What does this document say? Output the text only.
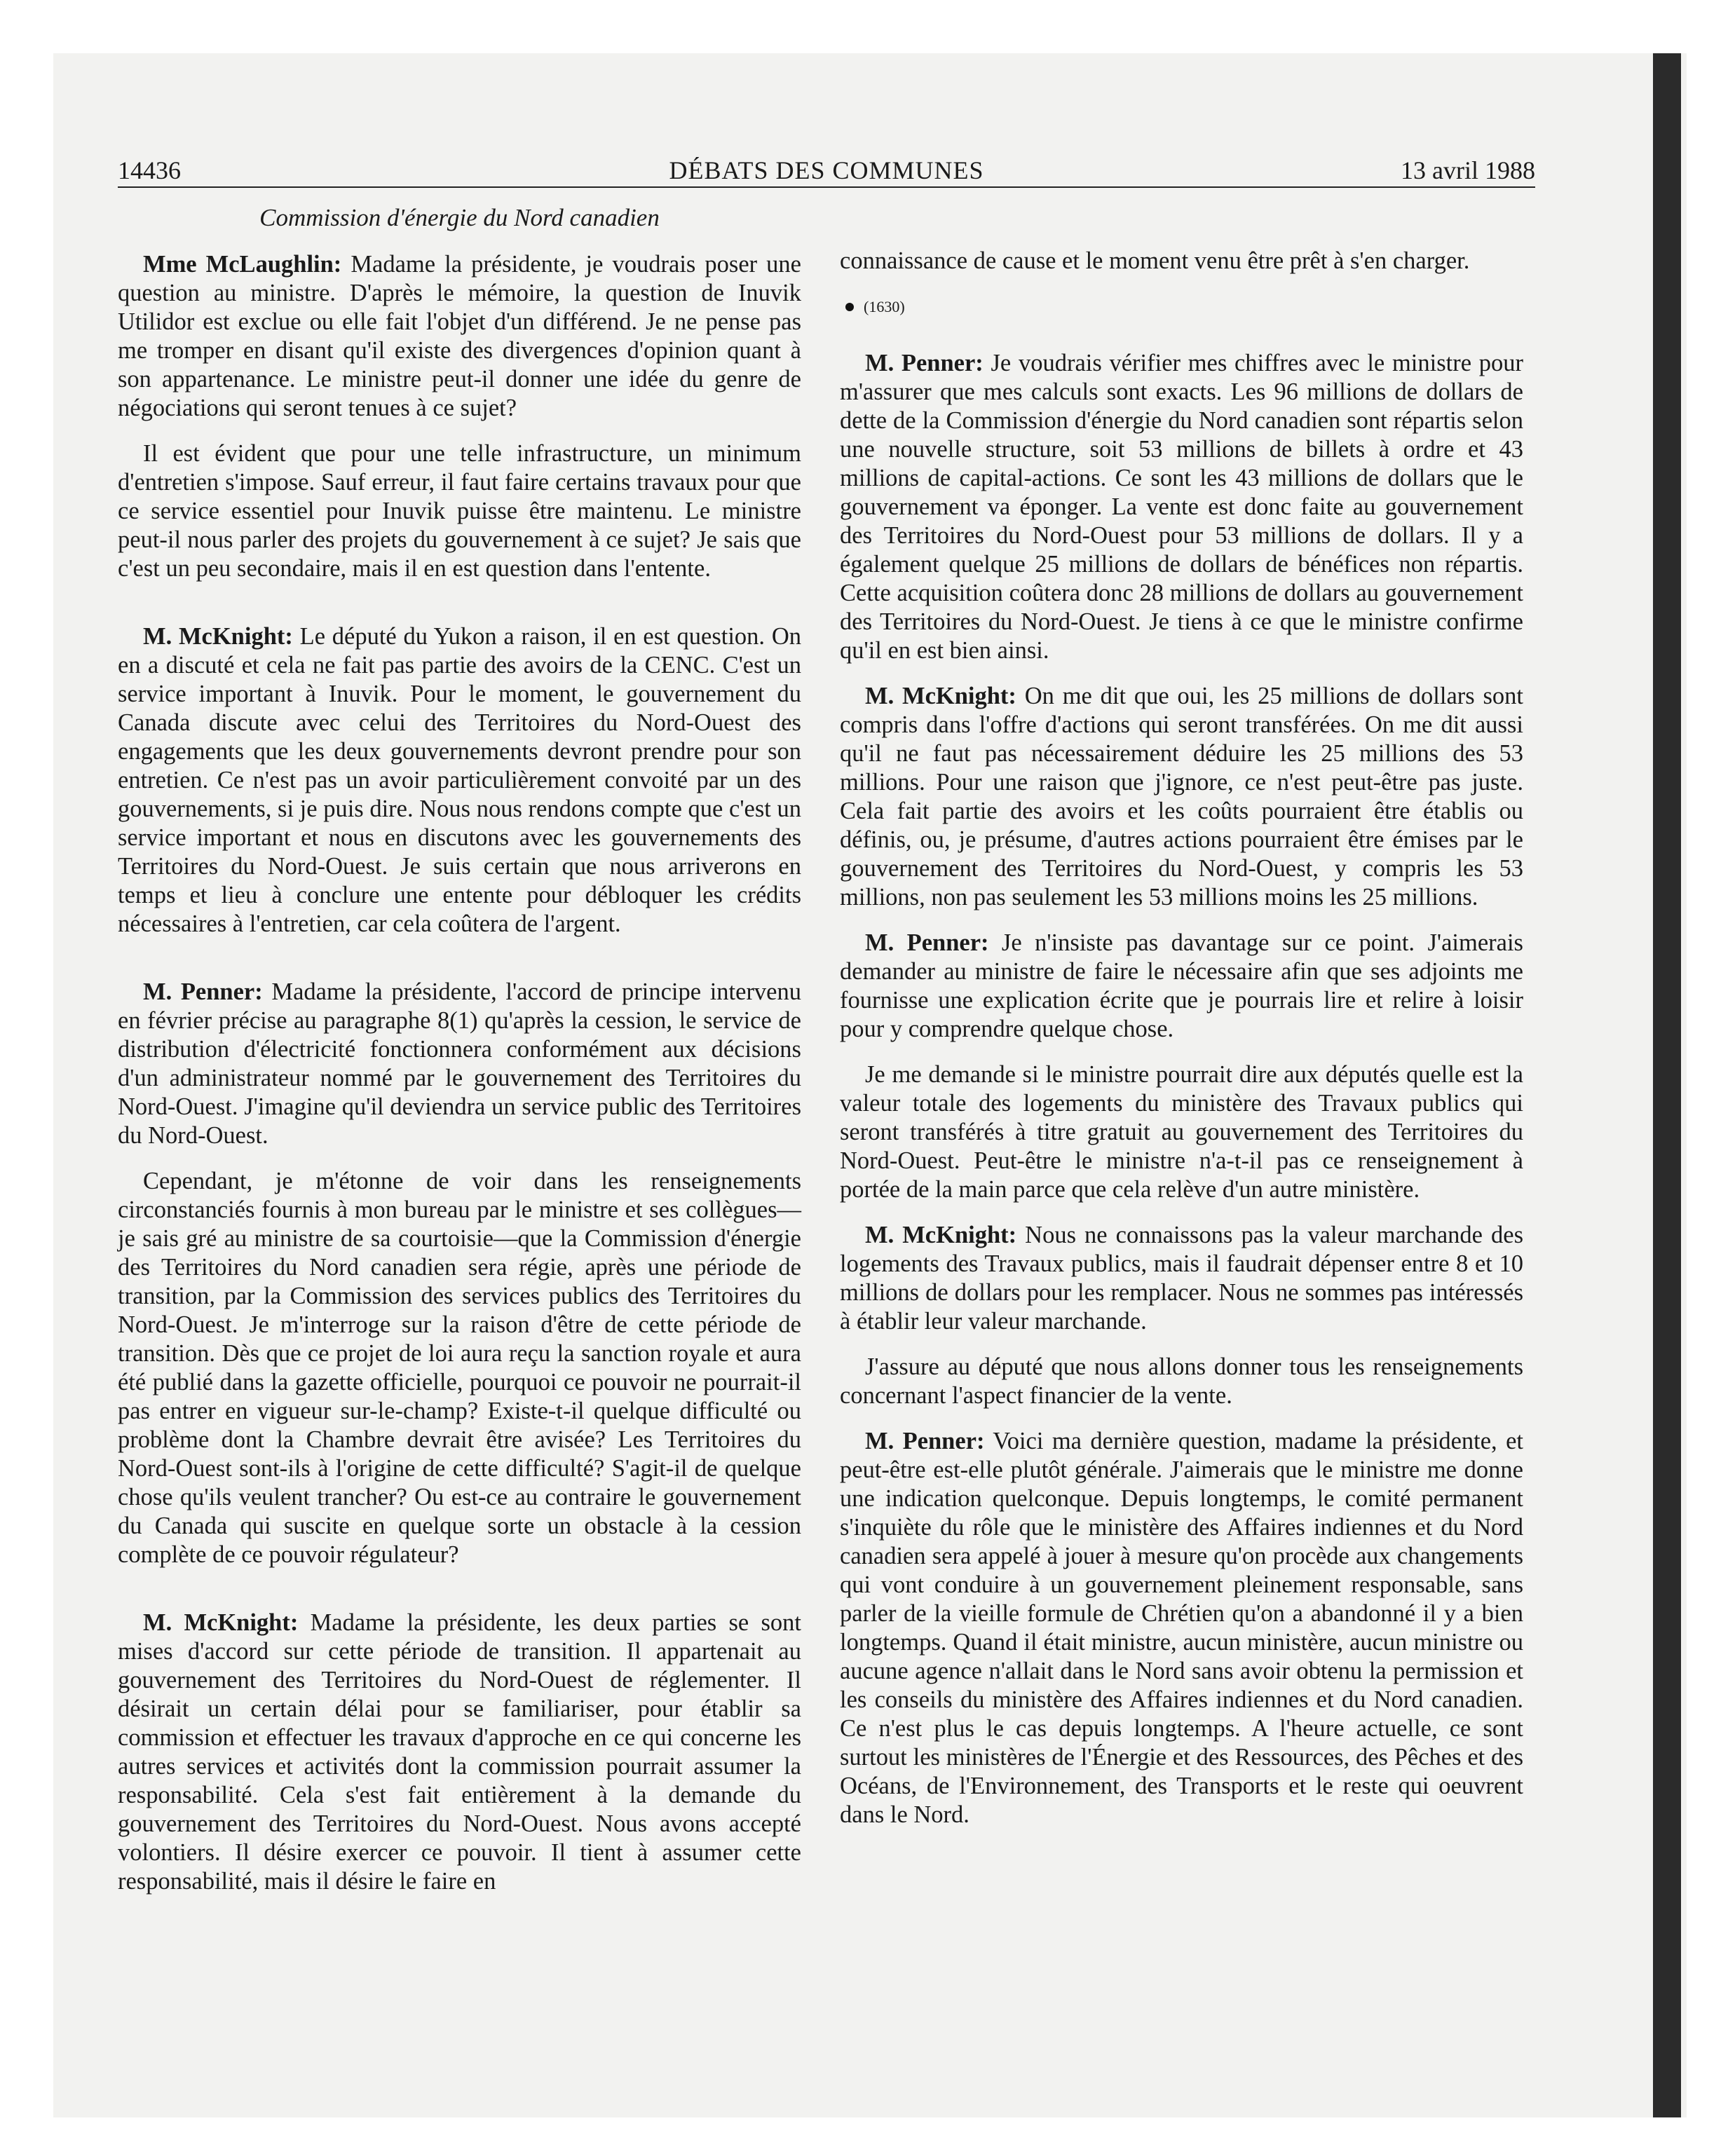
14436	DÉBATS DES COMMUNES	13 avril 1988
Commission d'énergie du Nord canadien

Mme McLaughlin: Madame la présidente, je voudrais poser une question au ministre. D'après le mémoire, la question de Inuvik Utilidor est exclue ou elle fait l'objet d'un différend. Je ne pense pas me tromper en disant qu'il existe des divergences d'opinion quant à son appartenance. Le ministre peut-il donner une idée du genre de négociations qui seront tenues à ce sujet?

Il est évident que pour une telle infrastructure, un minimum d'entretien s'impose. Sauf erreur, il faut faire certains travaux pour que ce service essentiel pour Inuvik puisse être maintenu. Le ministre peut-il nous parler des projets du gouvernement à ce sujet? Je sais que c'est un peu secondaire, mais il en est question dans l'entente.

M. McKnight: Le député du Yukon a raison, il en est question. On en a discuté et cela ne fait pas partie des avoirs de la CENC. C'est un service important à Inuvik. Pour le moment, le gouvernement du Canada discute avec celui des Territoires du Nord-Ouest des engagements que les deux gouvernements devront prendre pour son entretien. Ce n'est pas un avoir particulièrement convoité par un des gouvernements, si je puis dire. Nous nous rendons compte que c'est un service important et nous en discutons avec les gouvernements des Territoires du Nord-Ouest. Je suis certain que nous arriverons en temps et lieu à conclure une entente pour débloquer les crédits nécessaires à l'entretien, car cela coûtera de l'argent.

M. Penner: Madame la présidente, l'accord de principe intervenu en février précise au paragraphe 8(1) qu'après la cession, le service de distribution d'électricité fonctionnera conformément aux décisions d'un administrateur nommé par le gouvernement des Territoires du Nord-Ouest. J'imagine qu'il deviendra un service public des Territoires du Nord-Ouest.

Cependant, je m'étonne de voir dans les renseignements circonstanciés fournis à mon bureau par le ministre et ses collègues—je sais gré au ministre de sa courtoisie—que la Commission d'énergie des Territoires du Nord canadien sera régie, après une période de transition, par la Commission des services publics des Territoires du Nord-Ouest. Je m'interroge sur la raison d'être de cette période de transition. Dès que ce projet de loi aura reçu la sanction royale et aura été publié dans la gazette officielle, pourquoi ce pouvoir ne pourrait-il pas entrer en vigueur sur-le-champ? Existe-t-il quelque difficulté ou problème dont la Chambre devrait être avisée? Les Territoires du Nord-Ouest sont-ils à l'origine de cette difficulté? S'agit-il de quelque chose qu'ils veulent trancher? Ou est-ce au contraire le gouvernement du Canada qui suscite en quelque sorte un obstacle à la cession complète de ce pouvoir régulateur?

M. McKnight: Madame la présidente, les deux parties se sont mises d'accord sur cette période de transition. Il appartenait au gouvernement des Territoires du Nord-Ouest de réglementer. Il désirait un certain délai pour se familiariser, pour établir sa commission et effectuer les travaux d'approche en ce qui concerne les autres services et activités dont la commission pourrait assumer la responsabilité. Cela s'est fait entièrement à la demande du gouvernement des Territoires du Nord-Ouest. Nous avons accepté volontiers. Il désire exercer ce pouvoir. Il tient à assumer cette responsabilité, mais il désire le faire en

connaissance de cause et le moment venu être prêt à s'en charger.

(1630)

M. Penner: Je voudrais vérifier mes chiffres avec le ministre pour m'assurer que mes calculs sont exacts. Les 96 millions de dollars de dette de la Commission d'énergie du Nord canadien sont répartis selon une nouvelle structure, soit 53 millions de billets à ordre et 43 millions de capital-actions. Ce sont les 43 millions de dollars que le gouvernement va éponger. La vente est donc faite au gouvernement des Territoires du Nord-Ouest pour 53 millions de dollars. Il y a également quelque 25 millions de dollars de bénéfices non répartis. Cette acquisition coûtera donc 28 millions de dollars au gouvernement des Territoires du Nord-Ouest. Je tiens à ce que le ministre confirme qu'il en est bien ainsi.

M. McKnight: On me dit que oui, les 25 millions de dollars sont compris dans l'offre d'actions qui seront transférées. On me dit aussi qu'il ne faut pas nécessairement déduire les 25 millions des 53 millions. Pour une raison que j'ignore, ce n'est peut-être pas juste. Cela fait partie des avoirs et les coûts pourraient être établis ou définis, ou, je présume, d'autres actions pourraient être émises par le gouvernement des Territoires du Nord-Ouest, y compris les 53 millions, non pas seulement les 53 millions moins les 25 millions.

M. Penner: Je n'insiste pas davantage sur ce point. J'aimerais demander au ministre de faire le nécessaire afin que ses adjoints me fournisse une explication écrite que je pourrais lire et relire à loisir pour y comprendre quelque chose.

Je me demande si le ministre pourrait dire aux députés quelle est la valeur totale des logements du ministère des Travaux publics qui seront transférés à titre gratuit au gouvernement des Territoires du Nord-Ouest. Peut-être le ministre n'a-t-il pas ce renseignement à portée de la main parce que cela relève d'un autre ministère.

M. McKnight: Nous ne connaissons pas la valeur marchande des logements des Travaux publics, mais il faudrait dépenser entre 8 et 10 millions de dollars pour les remplacer. Nous ne sommes pas intéressés à établir leur valeur marchande.

J'assure au député que nous allons donner tous les renseignements concernant l'aspect financier de la vente.

M. Penner: Voici ma dernière question, madame la présidente, et peut-être est-elle plutôt générale. J'aimerais que le ministre me donne une indication quelconque. Depuis longtemps, le comité permanent s'inquiète du rôle que le ministère des Affaires indiennes et du Nord canadien sera appelé à jouer à mesure qu'on procède aux changements qui vont conduire à un gouvernement pleinement responsable, sans parler de la vieille formule de Chrétien qu'on a abandonné il y a bien longtemps. Quand il était ministre, aucun ministère, aucun ministre ou aucune agence n'allait dans le Nord sans avoir obtenu la permission et les conseils du ministère des Affaires indiennes et du Nord canadien. Ce n'est plus le cas depuis longtemps. A l'heure actuelle, ce sont surtout les ministères de l'Énergie et des Ressources, des Pêches et des Océans, de l'Environnement, des Transports et le reste qui oeuvrent dans le Nord.
